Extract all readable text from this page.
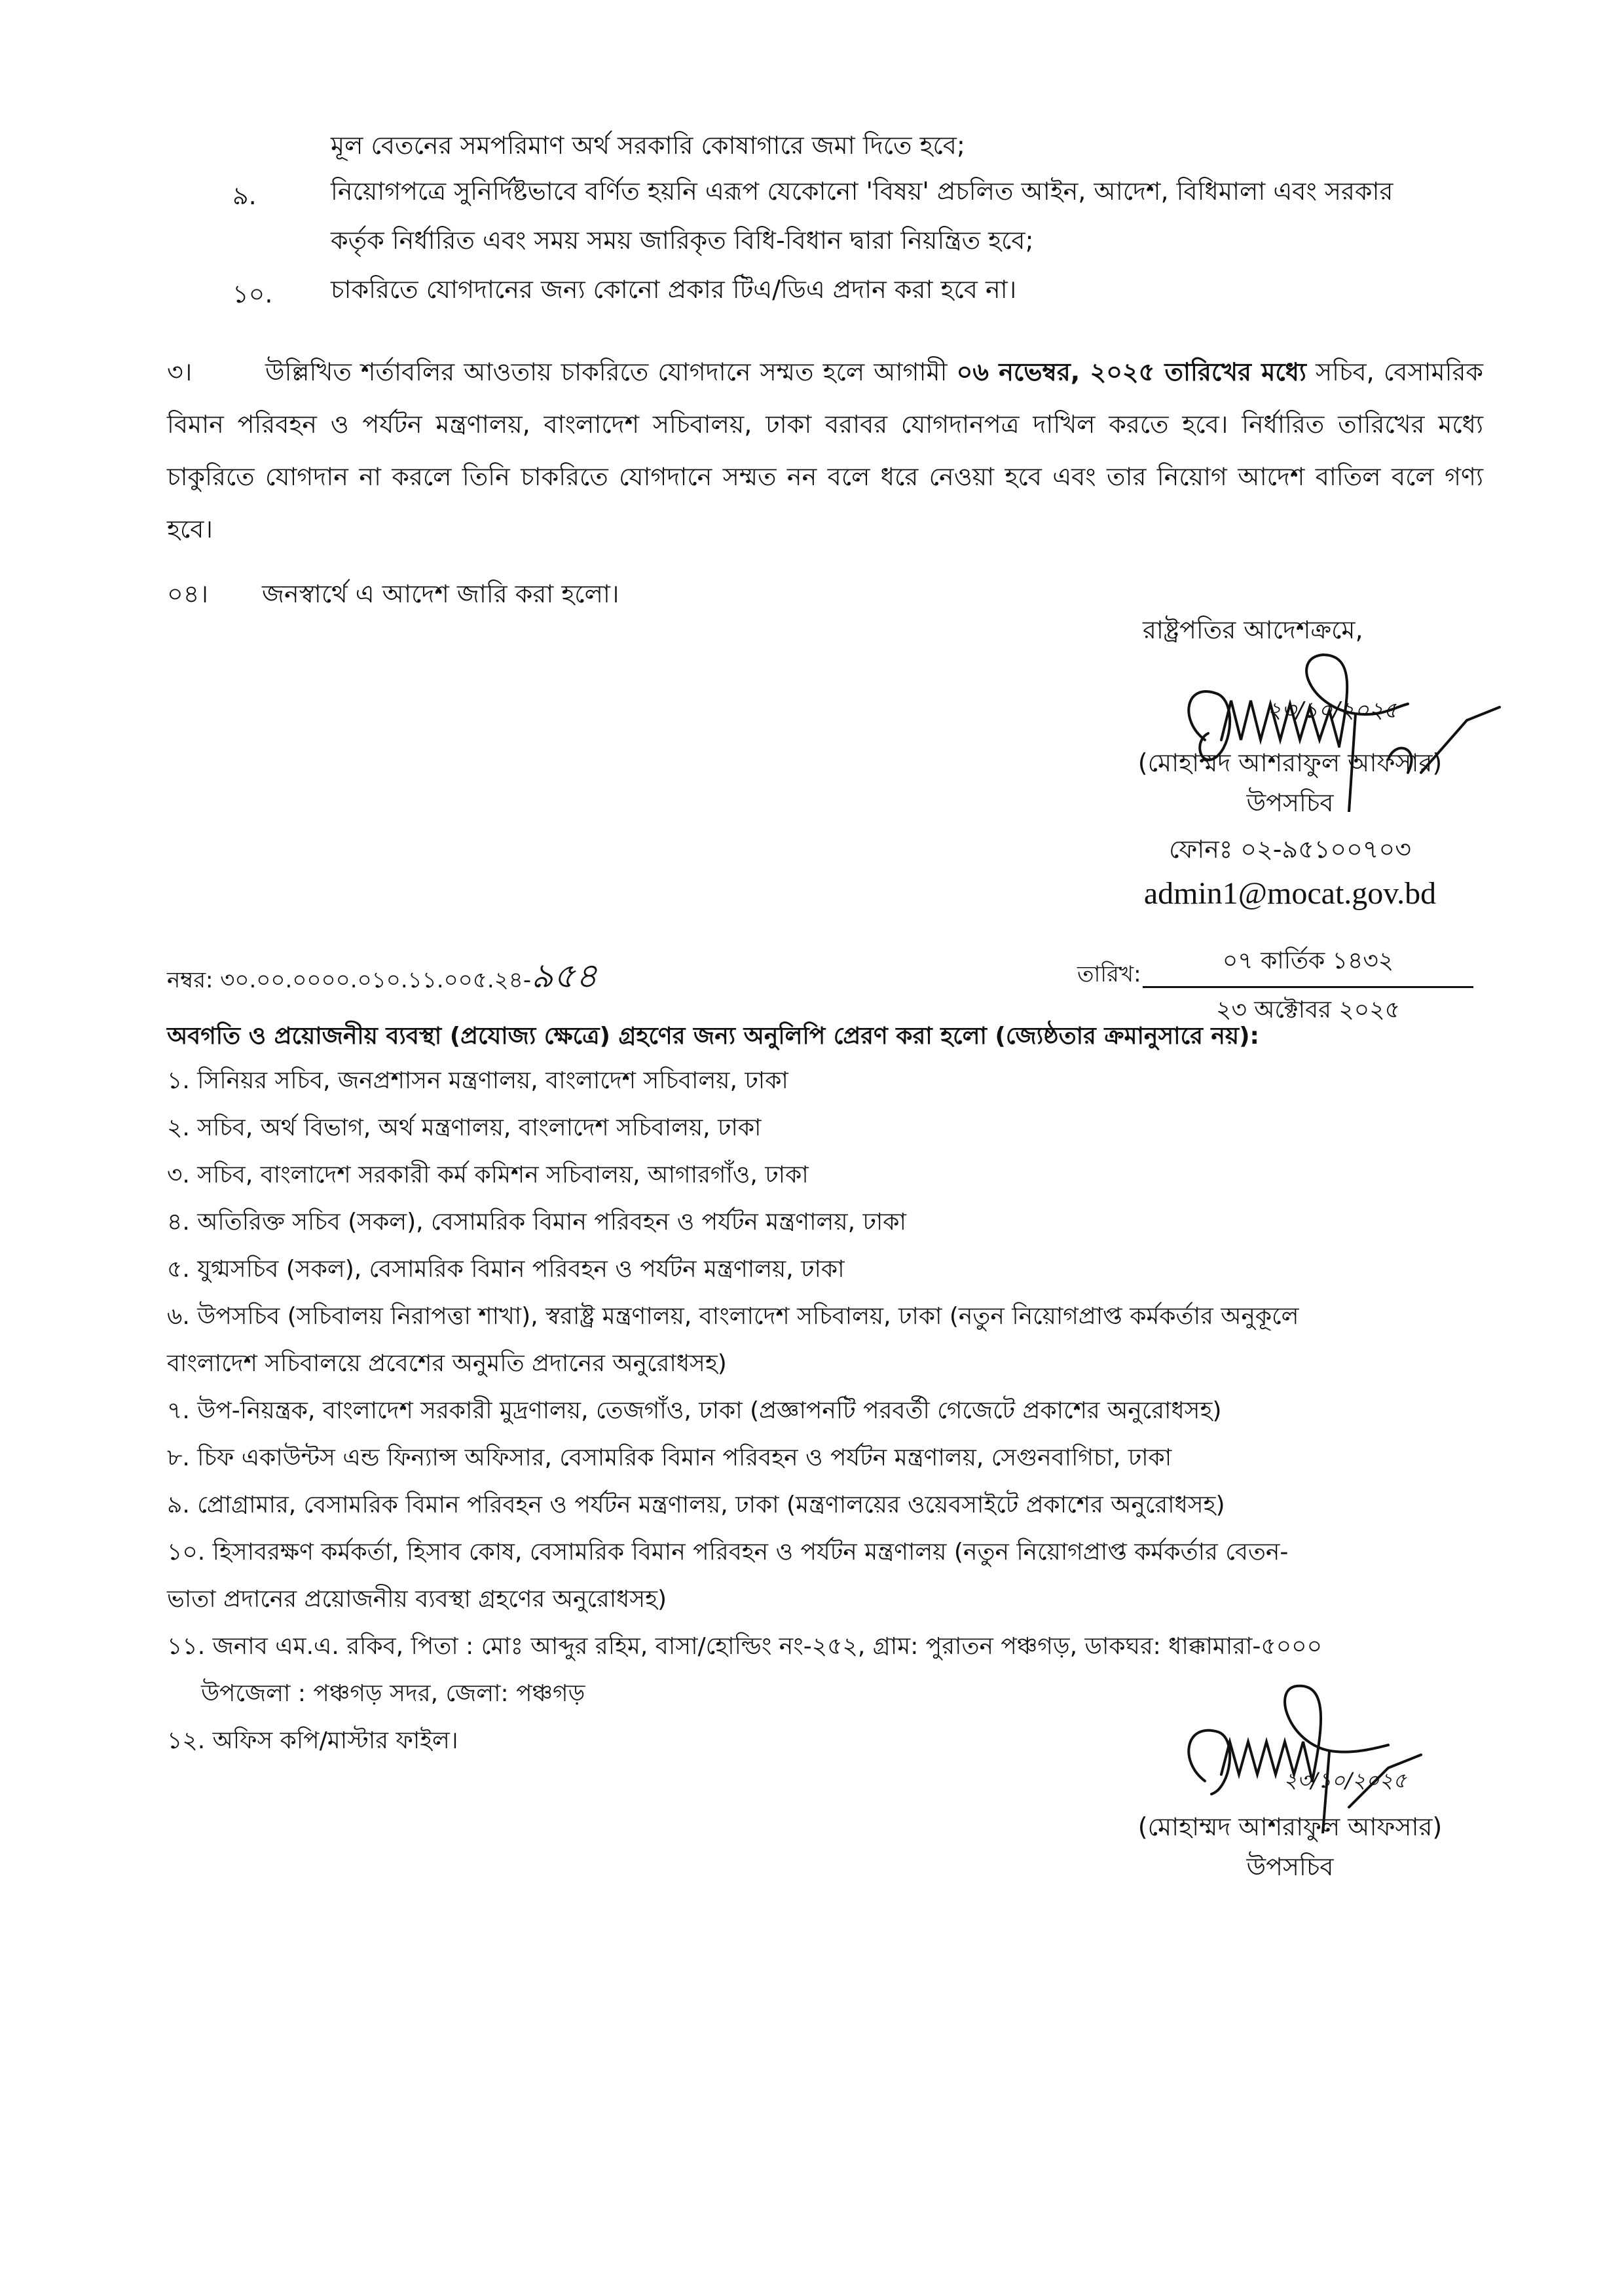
মূল বেতনের সমপরিমাণ অর্থ সরকারি কোষাগারে জমা দিতে হবে;
৯.	নিয়োগপত্রে সুনির্দিষ্টভাবে বর্ণিত হয়নি এরূপ যেকোনো 'বিষয়' প্রচলিত আইন, আদেশ, বিধিমালা এবং সরকার
কর্তৃক নির্ধারিত এবং সময় সময় জারিকৃত বিধি-বিধান দ্বারা নিয়ন্ত্রিত হবে;
১০. চাকরিতে যোগদানের জন্য কোনো প্রকার টিএ/ডিএ প্রদান করা হবে না।
৩।	উল্লিখিত শর্তাবলির আওতায় চাকরিতে যোগদানে সম্মত হলে আগামী ০৬ নভেম্বর, ২০২৫ তারিখের মধ্যে সচিব, বেসামরিক বিমান পরিবহন ও পর্যটন মন্ত্রণালয়, বাংলাদেশ সচিবালয়, ঢাকা বরাবর যোগদানপত্র দাখিল করতে হবে। নির্ধারিত তারিখের মধ্যে চাকুরিতে যোগদান না করলে তিনি চাকরিতে যোগদানে সম্মত নন বলে ধরে নেওয়া হবে এবং তার নিয়োগ আদেশ বাতিল বলে গণ্য হবে।
০৪। জনস্বার্থে এ আদেশ জারি করা হলো।
রাষ্ট্রপতির আদেশক্রমে,
২৩/১০/২০২৫
(মোহাম্মদ আশরাফুল আফসার)
উপসচিব
ফোনঃ ০২-৯৫১০০৭০৩
admin1@mocat.gov.bd
নম্বর: ৩০.০০.০০০০.০১০.১১.০০৫.২৪-৯৫৪	তারিখ:	০৭ কার্তিক ১৪৩২
২৩ অক্টোবর ২০২৫
অবগতি ও প্রয়োজনীয় ব্যবস্থা (প্রযোজ্য ক্ষেত্রে) গ্রহণের জন্য অনুলিপি প্রেরণ করা হলো (জ্যেষ্ঠতার ক্রমানুসারে নয়):
১. সিনিয়র সচিব, জনপ্রশাসন মন্ত্রণালয়, বাংলাদেশ সচিবালয়, ঢাকা
২. সচিব, অর্থ বিভাগ, অর্থ মন্ত্রণালয়, বাংলাদেশ সচিবালয়, ঢাকা
৩. সচিব, বাংলাদেশ সরকারী কর্ম কমিশন সচিবালয়, আগারগাঁও, ঢাকা
৪. অতিরিক্ত সচিব (সকল), বেসামরিক বিমান পরিবহন ও পর্যটন মন্ত্রণালয়, ঢাকা
৫. যুগ্মসচিব (সকল), বেসামরিক বিমান পরিবহন ও পর্যটন মন্ত্রণালয়, ঢাকা
৬. উপসচিব (সচিবালয় নিরাপত্তা শাখা), স্বরাষ্ট্র মন্ত্রণালয়, বাংলাদেশ সচিবালয়, ঢাকা (নতুন নিয়োগপ্রাপ্ত কর্মকর্তার অনুকূলে
বাংলাদেশ সচিবালয়ে প্রবেশের অনুমতি প্রদানের অনুরোধসহ)
৭. উপ-নিয়ন্ত্রক, বাংলাদেশ সরকারী মুদ্রণালয়, তেজগাঁও, ঢাকা (প্রজ্ঞাপনটি পরবর্তী গেজেটে প্রকাশের অনুরোধসহ)
৮. চিফ একাউন্টস এন্ড ফিন্যান্স অফিসার, বেসামরিক বিমান পরিবহন ও পর্যটন মন্ত্রণালয়, সেগুনবাগিচা, ঢাকা
৯. প্রোগ্রামার, বেসামরিক বিমান পরিবহন ও পর্যটন মন্ত্রণালয়, ঢাকা (মন্ত্রণালয়ের ওয়েবসাইটে প্রকাশের অনুরোধসহ)
১০. হিসাবরক্ষণ কর্মকর্তা, হিসাব কোষ, বেসামরিক বিমান পরিবহন ও পর্যটন মন্ত্রণালয় (নতুন নিয়োগপ্রাপ্ত কর্মকর্তার বেতন-
ভাতা প্রদানের প্রয়োজনীয় ব্যবস্থা গ্রহণের অনুরোধসহ)
১১. জনাব এম.এ. রকিব, পিতা : মোঃ আব্দুর রহিম, বাসা/হোল্ডিং নং-২৫২, গ্রাম: পুরাতন পঞ্চগড়, ডাকঘর: ধাক্কামারা-৫০০০
উপজেলা : পঞ্চগড় সদর, জেলা: পঞ্চগড়
১২. অফিস কপি/মাস্টার ফাইল।
২৩/১০/২০২৫
(মোহাম্মদ আশরাফুল আফসার)
উপসচিব
